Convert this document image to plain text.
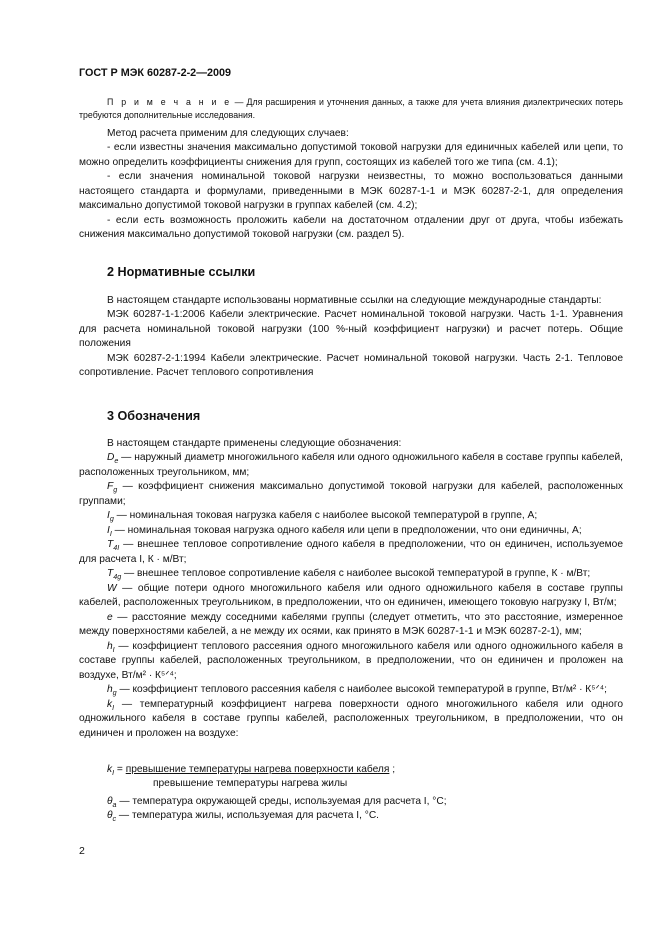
ГОСТ Р МЭК 60287-2-2—2009
П р и м е ч а н и е — Для расширения и уточнения данных, а также для учета влияния диэлектрических потерь требуются дополнительные исследования.

Метод расчета применим для следующих случаев:

- если известны значения максимально допустимой токовой нагрузки для единичных кабелей или цепи, то можно определить коэффициенты снижения для групп, состоящих из кабелей того же типа (см. 4.1);

- если значения номинальной токовой нагрузки неизвестны, то можно воспользоваться данными настоящего стандарта и формулами, приведенными в МЭК 60287-1-1 и МЭК 60287-2-1, для определения максимально допустимой токовой нагрузки в группах кабелей (см. 4.2);

- если есть возможность проложить кабели на достаточном отдалении друг от друга, чтобы избежать снижения максимально допустимой токовой нагрузки (см. раздел 5).

2 Нормативные ссылки

В настоящем стандарте использованы нормативные ссылки на следующие международные стандарты:

МЭК 60287-1-1:2006 Кабели электрические. Расчет номинальной токовой нагрузки. Часть 1-1. Уравнения для расчета номинальной токовой нагрузки (100 %-ный коэффициент нагрузки) и расчет потерь. Общие положения

МЭК 60287-2-1:1994 Кабели электрические. Расчет номинальной токовой нагрузки. Часть 2-1. Тепловое сопротивление. Расчет теплового сопротивления

3 Обозначения

В настоящем стандарте применены следующие обозначения:

$D_e$ — наружный диаметр многожильного кабеля или одного одножильного кабеля в составе группы кабелей, расположенных треугольником, мм;

$F_g$ — коэффициент снижения максимально допустимой токовой нагрузки для кабелей, расположенных группами;

$I_g$ — номинальная токовая нагрузка кабеля с наиболее высокой температурой в группе, А;

$I_I$ — номинальная токовая нагрузка одного кабеля или цепи в предположении, что они единичны, А;

$T_{4I}$ — внешнее тепловое сопротивление одного кабеля в предположении, что он единичен, используемое для расчета I, К · м/Вт;

$T_{4g}$ — внешнее тепловое сопротивление кабеля с наиболее высокой температурой в группе, К · м/Вт;

W — общие потери одного многожильного кабеля или одного одножильного кабеля в составе группы кабелей, расположенных треугольником, в предположении, что он единичен, имеющего токовую нагрузку I, Вт/м;

e — расстояние между соседними кабелями группы (следует отметить, что это расстояние, измеренное между поверхностями кабелей, а не между их осями, как принято в МЭК 60287-1-1 и МЭК 60287-2-1), мм;

$h_I$ — коэффициент теплового рассеяния одного многожильного кабеля или одного одножильного кабеля в составе группы кабелей, расположенных треугольником, в предположении, что он единичен и проложен на воздухе, Вт/м² · К⁵ᐟ⁴;

$h_g$ — коэффициент теплового рассеяния кабеля с наиболее высокой температурой в группе, Вт/м² · К⁵ᐟ⁴;

$k_I$ — температурный коэффициент нагрева поверхности одного многожильного кабеля или одного одножильного кабеля в составе группы кабелей, расположенных треугольником, в предположении, что он единичен и проложен на воздухе:

$k_I$ = превышение температуры нагрева поверхности кабеля ;
превышение температуры нагрева жилы

$\theta_a$ — температура окружающей среды, используемая для расчета I, °C;

$\theta_c$ — температура жилы, используемая для расчета I, °C.

2
